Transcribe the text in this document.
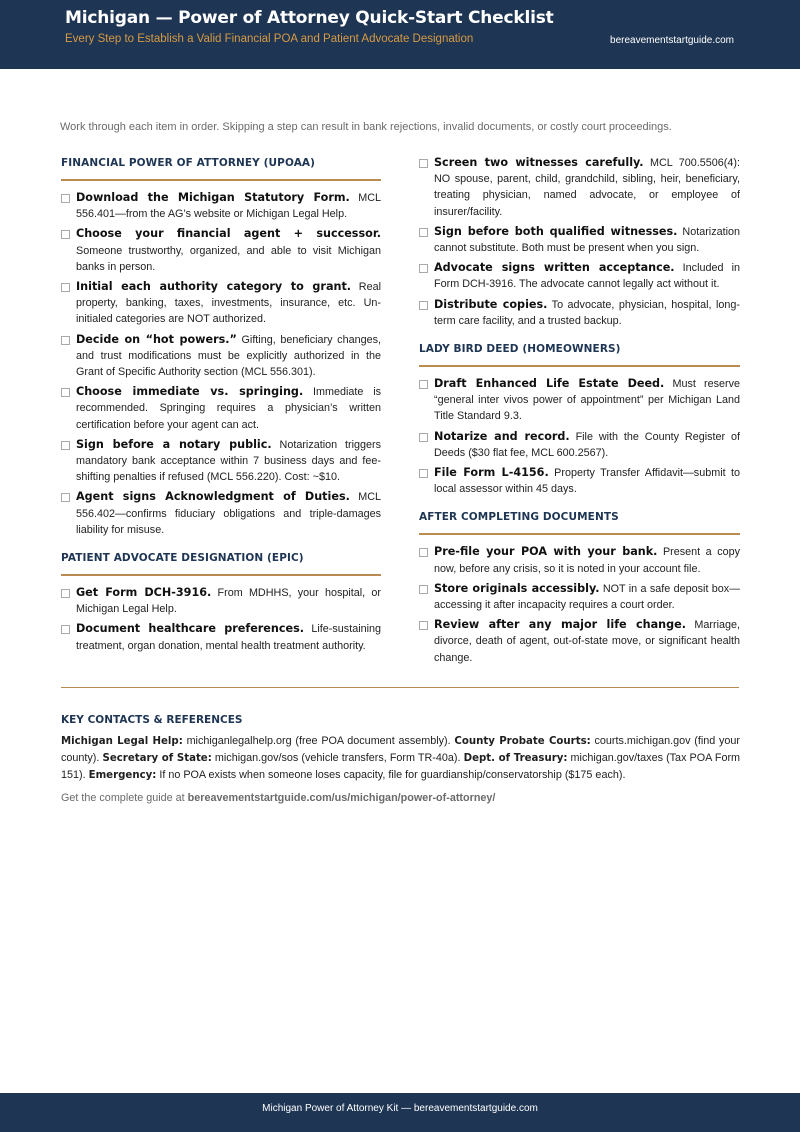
Michigan — Power of Attorney Quick-Start Checklist
Every Step to Establish a Valid Financial POA and Patient Advocate Designation	bereavementstartguide.com
Work through each item in order. Skipping a step can result in bank rejections, invalid documents, or costly court proceedings.
FINANCIAL POWER OF ATTORNEY (UPOAA)
Download the Michigan Statutory Form. MCL 556.401—from the AG’s website or Michigan Legal Help.
Choose your financial agent + successor. Someone trustworthy, organized, and able to visit Michigan banks in person.
Initial each authority category to grant. Real property, banking, taxes, investments, insurance, etc. Un-initialed categories are NOT authorized.
Decide on “hot powers.” Gifting, beneficiary changes, and trust modifications must be explicitly authorized in the Grant of Specific Authority section (MCL 556.301).
Choose immediate vs. springing. Immediate is recommended. Springing requires a physician’s written certification before your agent can act.
Sign before a notary public. Notarization triggers mandatory bank acceptance within 7 business days and fee-shifting penalties if refused (MCL 556.220). Cost: ~$10.
Agent signs Acknowledgment of Duties. MCL 556.402—confirms fiduciary obligations and triple-damages liability for misuse.
PATIENT ADVOCATE DESIGNATION (EPIC)
Get Form DCH-3916. From MDHHS, your hospital, or Michigan Legal Help.
Document healthcare preferences. Life-sustaining treatment, organ donation, mental health treatment authority.
Screen two witnesses carefully. MCL 700.5506(4): NO spouse, parent, child, grandchild, sibling, heir, beneficiary, treating physician, named advocate, or employee of insurer/facility.
Sign before both qualified witnesses. Notarization cannot substitute. Both must be present when you sign.
Advocate signs written acceptance. Included in Form DCH-3916. The advocate cannot legally act without it.
Distribute copies. To advocate, physician, hospital, long-term care facility, and a trusted backup.
LADY BIRD DEED (HOMEOWNERS)
Draft Enhanced Life Estate Deed. Must reserve “general inter vivos power of appointment” per Michigan Land Title Standard 9.3.
Notarize and record. File with the County Register of Deeds ($30 flat fee, MCL 600.2567).
File Form L-4156. Property Transfer Affidavit—submit to local assessor within 45 days.
AFTER COMPLETING DOCUMENTS
Pre-file your POA with your bank. Present a copy now, before any crisis, so it is noted in your account file.
Store originals accessibly. NOT in a safe deposit box—accessing it after incapacity requires a court order.
Review after any major life change. Marriage, divorce, death of agent, out-of-state move, or significant health change.
KEY CONTACTS & REFERENCES
Michigan Legal Help: michiganlegalhelp.org (free POA document assembly). County Probate Courts: courts.michigan.gov (find your county). Secretary of State: michigan.gov/sos (vehicle transfers, Form TR-40a). Dept. of Treasury: michigan.gov/taxes (Tax POA Form 151). Emergency: If no POA exists when someone loses capacity, file for guardianship/conservatorship ($175 each).
Get the complete guide at bereavementstartguide.com/us/michigan/power-of-attorney/
Michigan Power of Attorney Kit — bereavementstartguide.com
